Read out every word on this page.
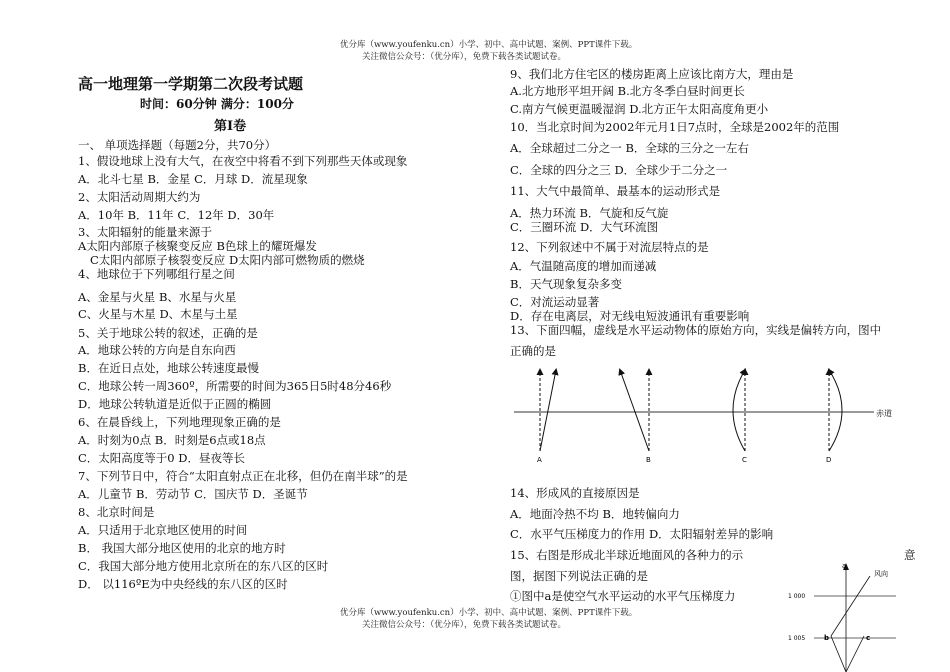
优分库（www.youfenku.cn）小学、初中、高中试题、案例、PPT课件下载。
关注微信公众号：（优分库），免费下载各类试题试卷。
高一地理第一学期第二次段考试题
时间：60分钟 满分：100分
第Ⅰ卷
一、 单项选择题（每题2分，共70分）
1、假设地球上没有大气，在夜空中将看不到下列那些天体或现象
A．北斗七星 B．金星 C．月球 D．流星现象
2、太阳活动周期大约为
A．10年 B．11年 C．12年 D．30年
3、太阳辐射的能量来源于
A太阳内部原子核聚变反应 B色球上的耀斑爆发
C太阳内部原子核裂变反应 D太阳内部可燃物质的燃烧
4、地球位于下列哪组行星之间
A、金星与火星 B、水星与火星
C、火星与木星 D、木星与土星
5、关于地球公转的叙述，正确的是
A．地球公转的方向是自东向西
B．在近日点处，地球公转速度最慢
C．地球公转一周360º，所需要的时间为365日5时48分46秒
D．地球公转轨道是近似于正圆的椭圆
6、在晨昏线上，下列地理现象正确的是
A．时刻为0点 B．时刻是6点或18点
C．太阳高度等于0 D．昼夜等长
7、下列节日中，符合“太阳直射点正在北移，但仍在南半球”的是
A．儿童节 B．劳动节 C．国庆节 D．圣诞节
8、北京时间是
A．只适用于北京地区使用的时间
B． 我国大部分地区使用的北京的地方时
C．我国大部分地方使用北京所在的东八区的区时
D． 以116ºE为中央经线的东八区的区时
9、我们北方住宅区的楼房距离上应该比南方大，理由是
A.北方地形平坦开阔 B.北方冬季白昼时间更长
C.南方气候更温暖湿润 D.北方正午太阳高度角更小
10．当北京时间为2002年元月1日7点时，全球是2002年的范围
A．全球超过二分之一 B．全球的三分之一左右
C．全球的四分之三 D．全球少于二分之一
11、大气中最简单、最基本的运动形式是
A．热力环流 B．气旋和反气旋
C．三圈环流 D．大气环流图
12、下列叙述中不属于对流层特点的是
A．气温随高度的增加而递减
B．天气现象复杂多变
C．对流运动显著
D．存在电离层，对无线电短波通讯有重要影响
13、下面四幅，虚线是水平运动物体的原始方向，实线是偏转方向，图中
正确的是
赤道
A	B	C	D
14、形成风的直接原因是
A．地面冷热不均 B．地转偏向力
C．水平气压梯度力的作用 D．太阳辐射差异的影响
15、右图是形成北半球近地面风的各种力的示	意
图，据图下列说法正确的是
①图中a是使空气水平运动的水平气压梯度力	1 000
1 005
a
风向
b	c
优分库（www.youfenku.cn）小学、初中、高中试题、案例、PPT课件下载。
关注微信公众号：（优分库），免费下载各类试题试卷。
